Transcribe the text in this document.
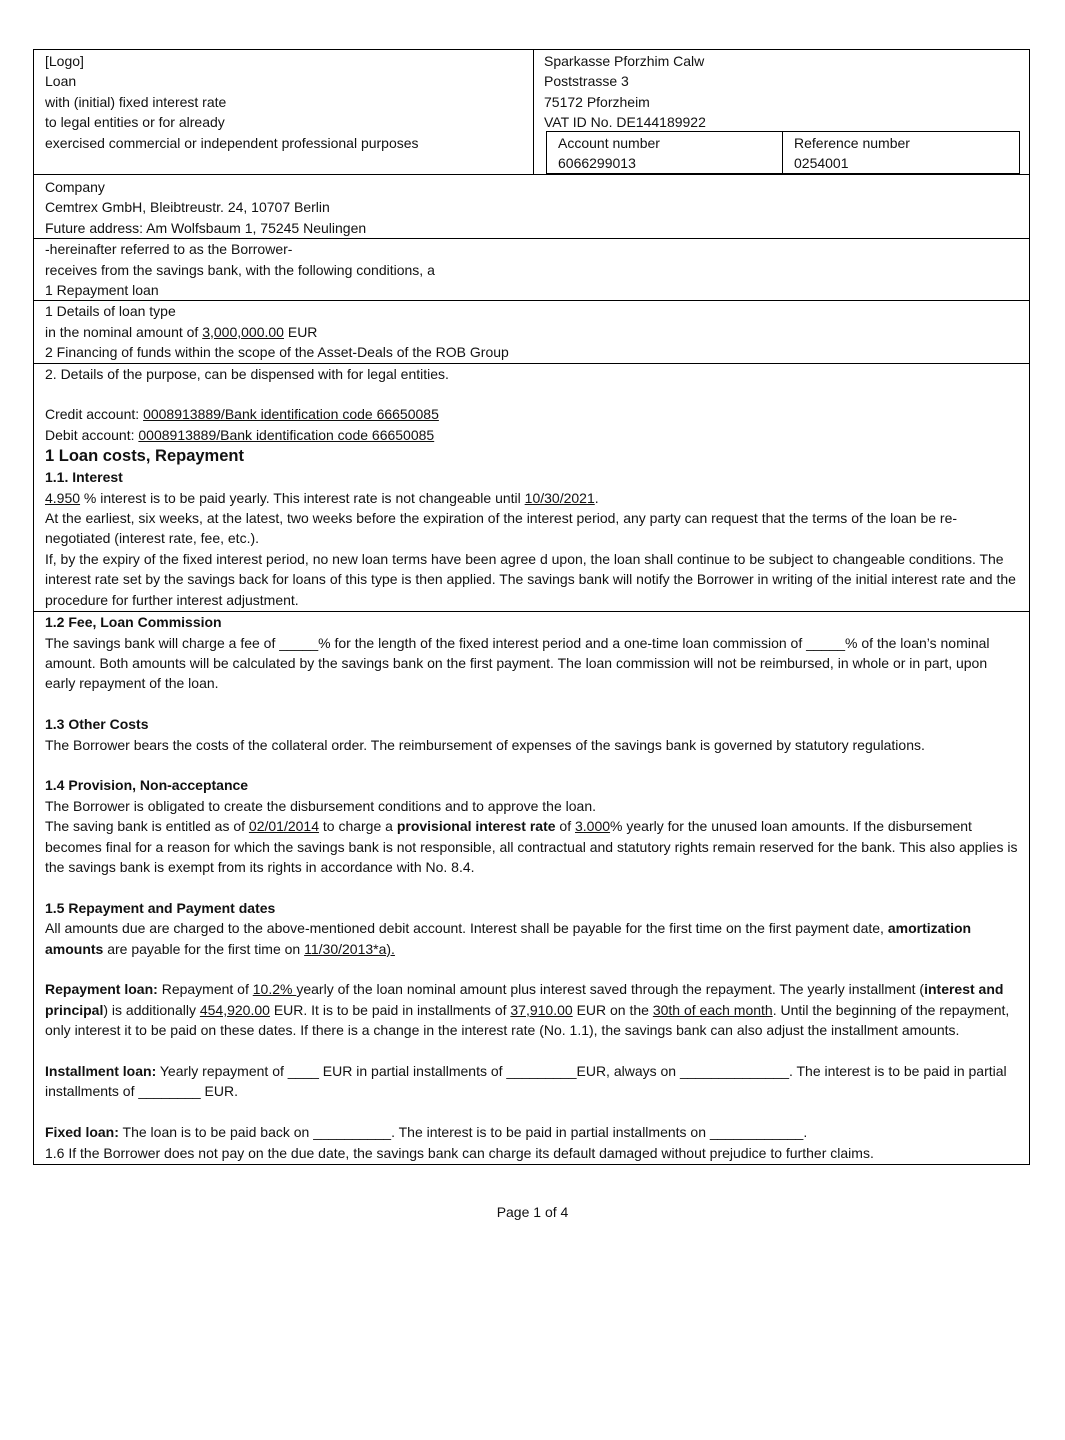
[Logo]
Loan
with (initial) fixed interest rate
to legal entities or for already
exercised commercial or independent professional purposes
Sparkasse Pforzhim Calw
Poststrasse 3
75172 Pforzheim
VAT ID No. DE144189922
Account number
6066299013
Reference number
0254001
Company
Cemtrex GmbH, Bleibtreustr. 24, 10707 Berlin
Future address: Am Wolfsbaum 1, 75245 Neulingen
-hereinafter referred to as the Borrower-
receives from the savings bank, with the following conditions, a
1 Repayment loan
1 Details of loan type
in the nominal amount of 3,000,000.00 EUR
2 Financing of funds within the scope of the Asset-Deals of the ROB Group
2. Details of the purpose, can be dispensed with for legal entities.
Credit account: 0008913889/Bank identification code 66650085
Debit account: 0008913889/Bank identification code 66650085
1 Loan costs, Repayment
1.1. Interest
4.950 % interest is to be paid yearly. This interest rate is not changeable until 10/30/2021.
At the earliest, six weeks, at the latest, two weeks before the expiration of the interest period, any party can request that the terms of the loan be re-negotiated (interest rate, fee, etc.).
If, by the expiry of the fixed interest period, no new loan terms have been agree d upon, the loan shall continue to be subject to changeable conditions. The interest rate set by the savings back for loans of this type is then applied. The savings bank will notify the Borrower in writing of the initial interest rate and the procedure for further interest adjustment.
1.2 Fee, Loan Commission
The savings bank will charge a fee of _____% for the length of the fixed interest period and a one-time loan commission of _____% of the loan’s nominal amount. Both amounts will be calculated by the savings bank on the first payment. The loan commission will not be reimbursed, in whole or in part, upon early repayment of the loan.
1.3 Other Costs
The Borrower bears the costs of the collateral order. The reimbursement of expenses of the savings bank is governed by statutory regulations.
1.4 Provision, Non-acceptance
The Borrower is obligated to create the disbursement conditions and to approve the loan.
The saving bank is entitled as of 02/01/2014 to charge a provisional interest rate of 3.000% yearly for the unused loan amounts. If the disbursement becomes final for a reason for which the savings bank is not responsible, all contractual and statutory rights remain reserved for the bank. This also applies is the savings bank is exempt from its rights in accordance with No. 8.4.
1.5 Repayment and Payment dates
All amounts due are charged to the above-mentioned debit account. Interest shall be payable for the first time on the first payment date, amortization amounts are payable for the first time on 11/30/2013*a).
Repayment loan: Repayment of 10.2% yearly of the loan nominal amount plus interest saved through the repayment. The yearly installment (interest and principal) is additionally 454,920.00 EUR. It is to be paid in installments of 37,910.00 EUR on the 30th of each month. Until the beginning of the repayment, only interest it to be paid on these dates. If there is a change in the interest rate (No. 1.1), the savings bank can also adjust the installment amounts.
Installment loan: Yearly repayment of ____ EUR in partial installments of _________EUR, always on ______________. The interest is to be paid in partial installments of ________ EUR.
Fixed loan: The loan is to be paid back on __________. The interest is to be paid in partial installments on ____________.
1.6 If the Borrower does not pay on the due date, the savings bank can charge its default damaged without prejudice to further claims.
Page 1 of 4
